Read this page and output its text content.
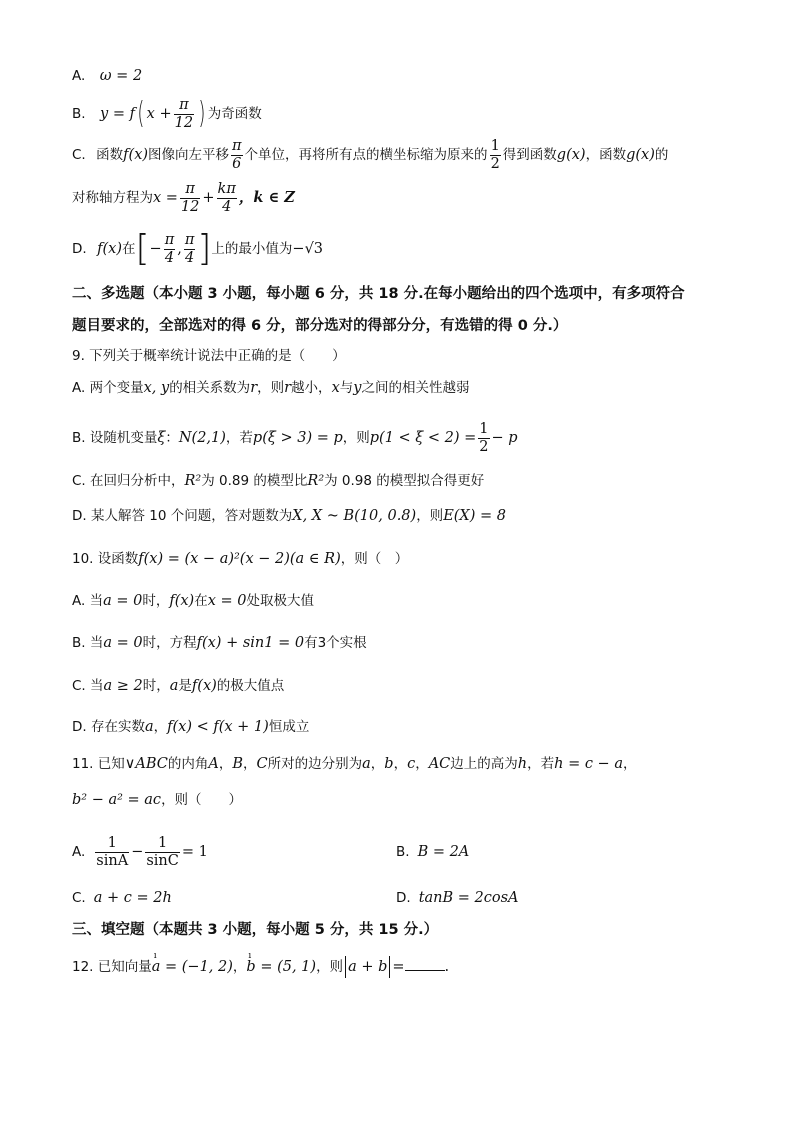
A. ω = 2
B. y = f( $x + \frac{\pi}{12}$ ) 为奇函数
C. 函数f(x)图像向左平移 $\frac{\pi}{6}$ 个单位，再将所有点的横坐标缩为原来的 $\frac{1}{2}$ 得到函数g(x)，函数g(x)的
对称轴方程为$x = \frac{\pi}{12} + \frac{k\pi}{4}$ ，k ∈ Z
D. f(x)在[− $\frac{\pi}{4}$ , $\frac{\pi}{4}$ ]上的最小值为−√3
二、多选题（本小题 3 小题，每小题 6 分，共 18 分.在每小题给出的四个选项中，有多项符合
题目要求的，全部选对的得 6 分，部分选对的得部分分，有选错的得 0 分.）
9. 下列关于概率统计说法中正确的是（　　）
A. 两个变量x, y的相关系数为r，则r越小，x与y之间的相关性越弱
B. 设随机变量ξ：N(2,1)，若p(ξ > 3) = p，则$p(1 < \xi < 2) = \frac{1}{2} - p$
C. 在回归分析中，R²为 0.89 的模型比R²为 0.98 的模型拟合得更好
D. 某人解答 10 个问题，答对题数为X, X ~ B(10, 0.8)，则E(X) = 8
10. 设函数f(x) = (x − a)²(x − 2)(a ∈ R)，则（　）
A. 当a = 0时，f(x)在x = 0处取极大值
B. 当a = 0时，方程f(x) + sin1 = 0有3个实根
C. 当a ≥ 2时，a是f(x)的极大值点
D. 存在实数a，f(x) < f(x + 1)恒成立
11. 已知∨ABC的内角A，B，C所对的边分别为a，b，c，AC边上的高为h，若h = c − a，
b² − a² = ac，则（　　）
A. $\frac{1}{\sin A} - \frac{1}{\sin C} = 1$	B. B = 2A
C. a + c = 2h	D. tanB = 2cosA
三、填空题（本题共 3 小题，每小题 5 分，共 15 分.）
12. 已知向量ı a = (−1, 2)，ı b = (5, 1)，则 a + b =	.
